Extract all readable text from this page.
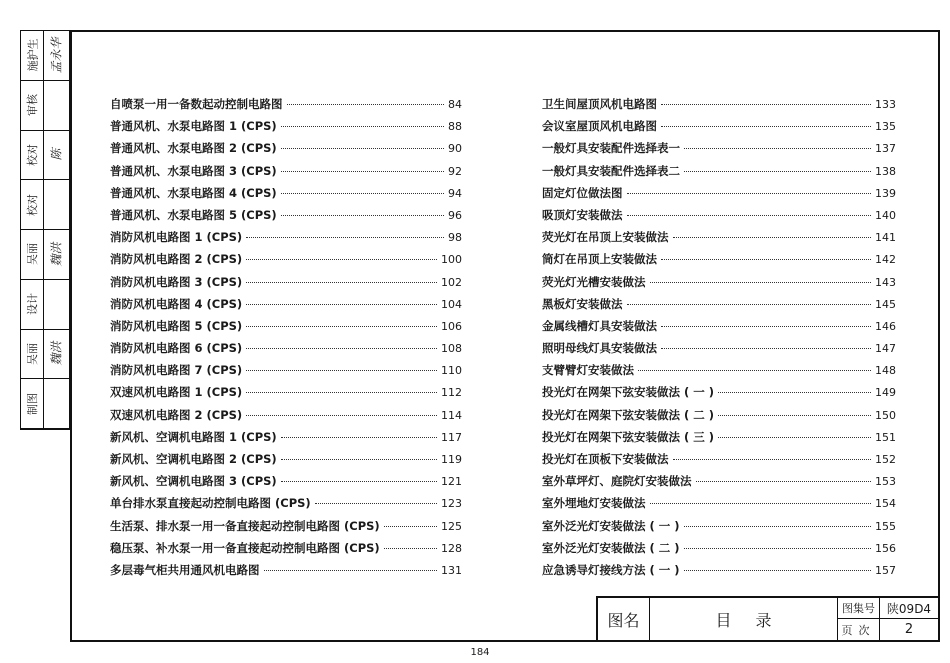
施护生 孟永华
审核
校对 陈
校对
吴丽 魏洪
设计
吴丽 魏洪
制图
自喷泵一用一备数起动控制电路图	84
普通风机、水泵电路图 1 (CPS)	88
普通风机、水泵电路图 2 (CPS)	90
普通风机、水泵电路图 3 (CPS)	92
普通风机、水泵电路图 4 (CPS)	94
普通风机、水泵电路图 5 (CPS)	96
消防风机电路图 1 (CPS)	98
消防风机电路图 2 (CPS)	100
消防风机电路图 3 (CPS)	102
消防风机电路图 4 (CPS)	104
消防风机电路图 5 (CPS)	106
消防风机电路图 6 (CPS)	108
消防风机电路图 7 (CPS)	110
双速风机电路图 1 (CPS)	112
双速风机电路图 2 (CPS)	114
新风机、空调机电路图 1 (CPS)	117
新风机、空调机电路图 2 (CPS)	119
新风机、空调机电路图 3 (CPS)	121
单台排水泵直接起动控制电路图 (CPS)	123
生活泵、排水泵一用一备直接起动控制电路图 (CPS)	125
稳压泵、补水泵一用一备直接起动控制电路图 (CPS)	128
多层毒气柜共用通风机电路图	131
卫生间屋顶风机电路图	133
会议室屋顶风机电路图	135
一般灯具安装配件选择表一	137
一般灯具安装配件选择表二	138
固定灯位做法图	139
吸顶灯安装做法	140
荧光灯在吊顶上安装做法	141
筒灯在吊顶上安装做法	142
荧光灯光槽安装做法	143
黑板灯安装做法	145
金属线槽灯具安装做法	146
照明母线灯具安装做法	147
支臂臂灯安装做法	148
投光灯在网架下弦安装做法 ( 一 )	149
投光灯在网架下弦安装做法 ( 二 )	150
投光灯在网架下弦安装做法 ( 三 )	151
投光灯在顶板下安装做法	152
室外草坪灯、庭院灯安装做法	153
室外埋地灯安装做法	154
室外泛光灯安装做法 ( 一 )	155
室外泛光灯安装做法 ( 二 )	156
应急诱导灯接线方法 ( 一 )	157
图名	目录
图集号 陕09D4
页次	2
184
